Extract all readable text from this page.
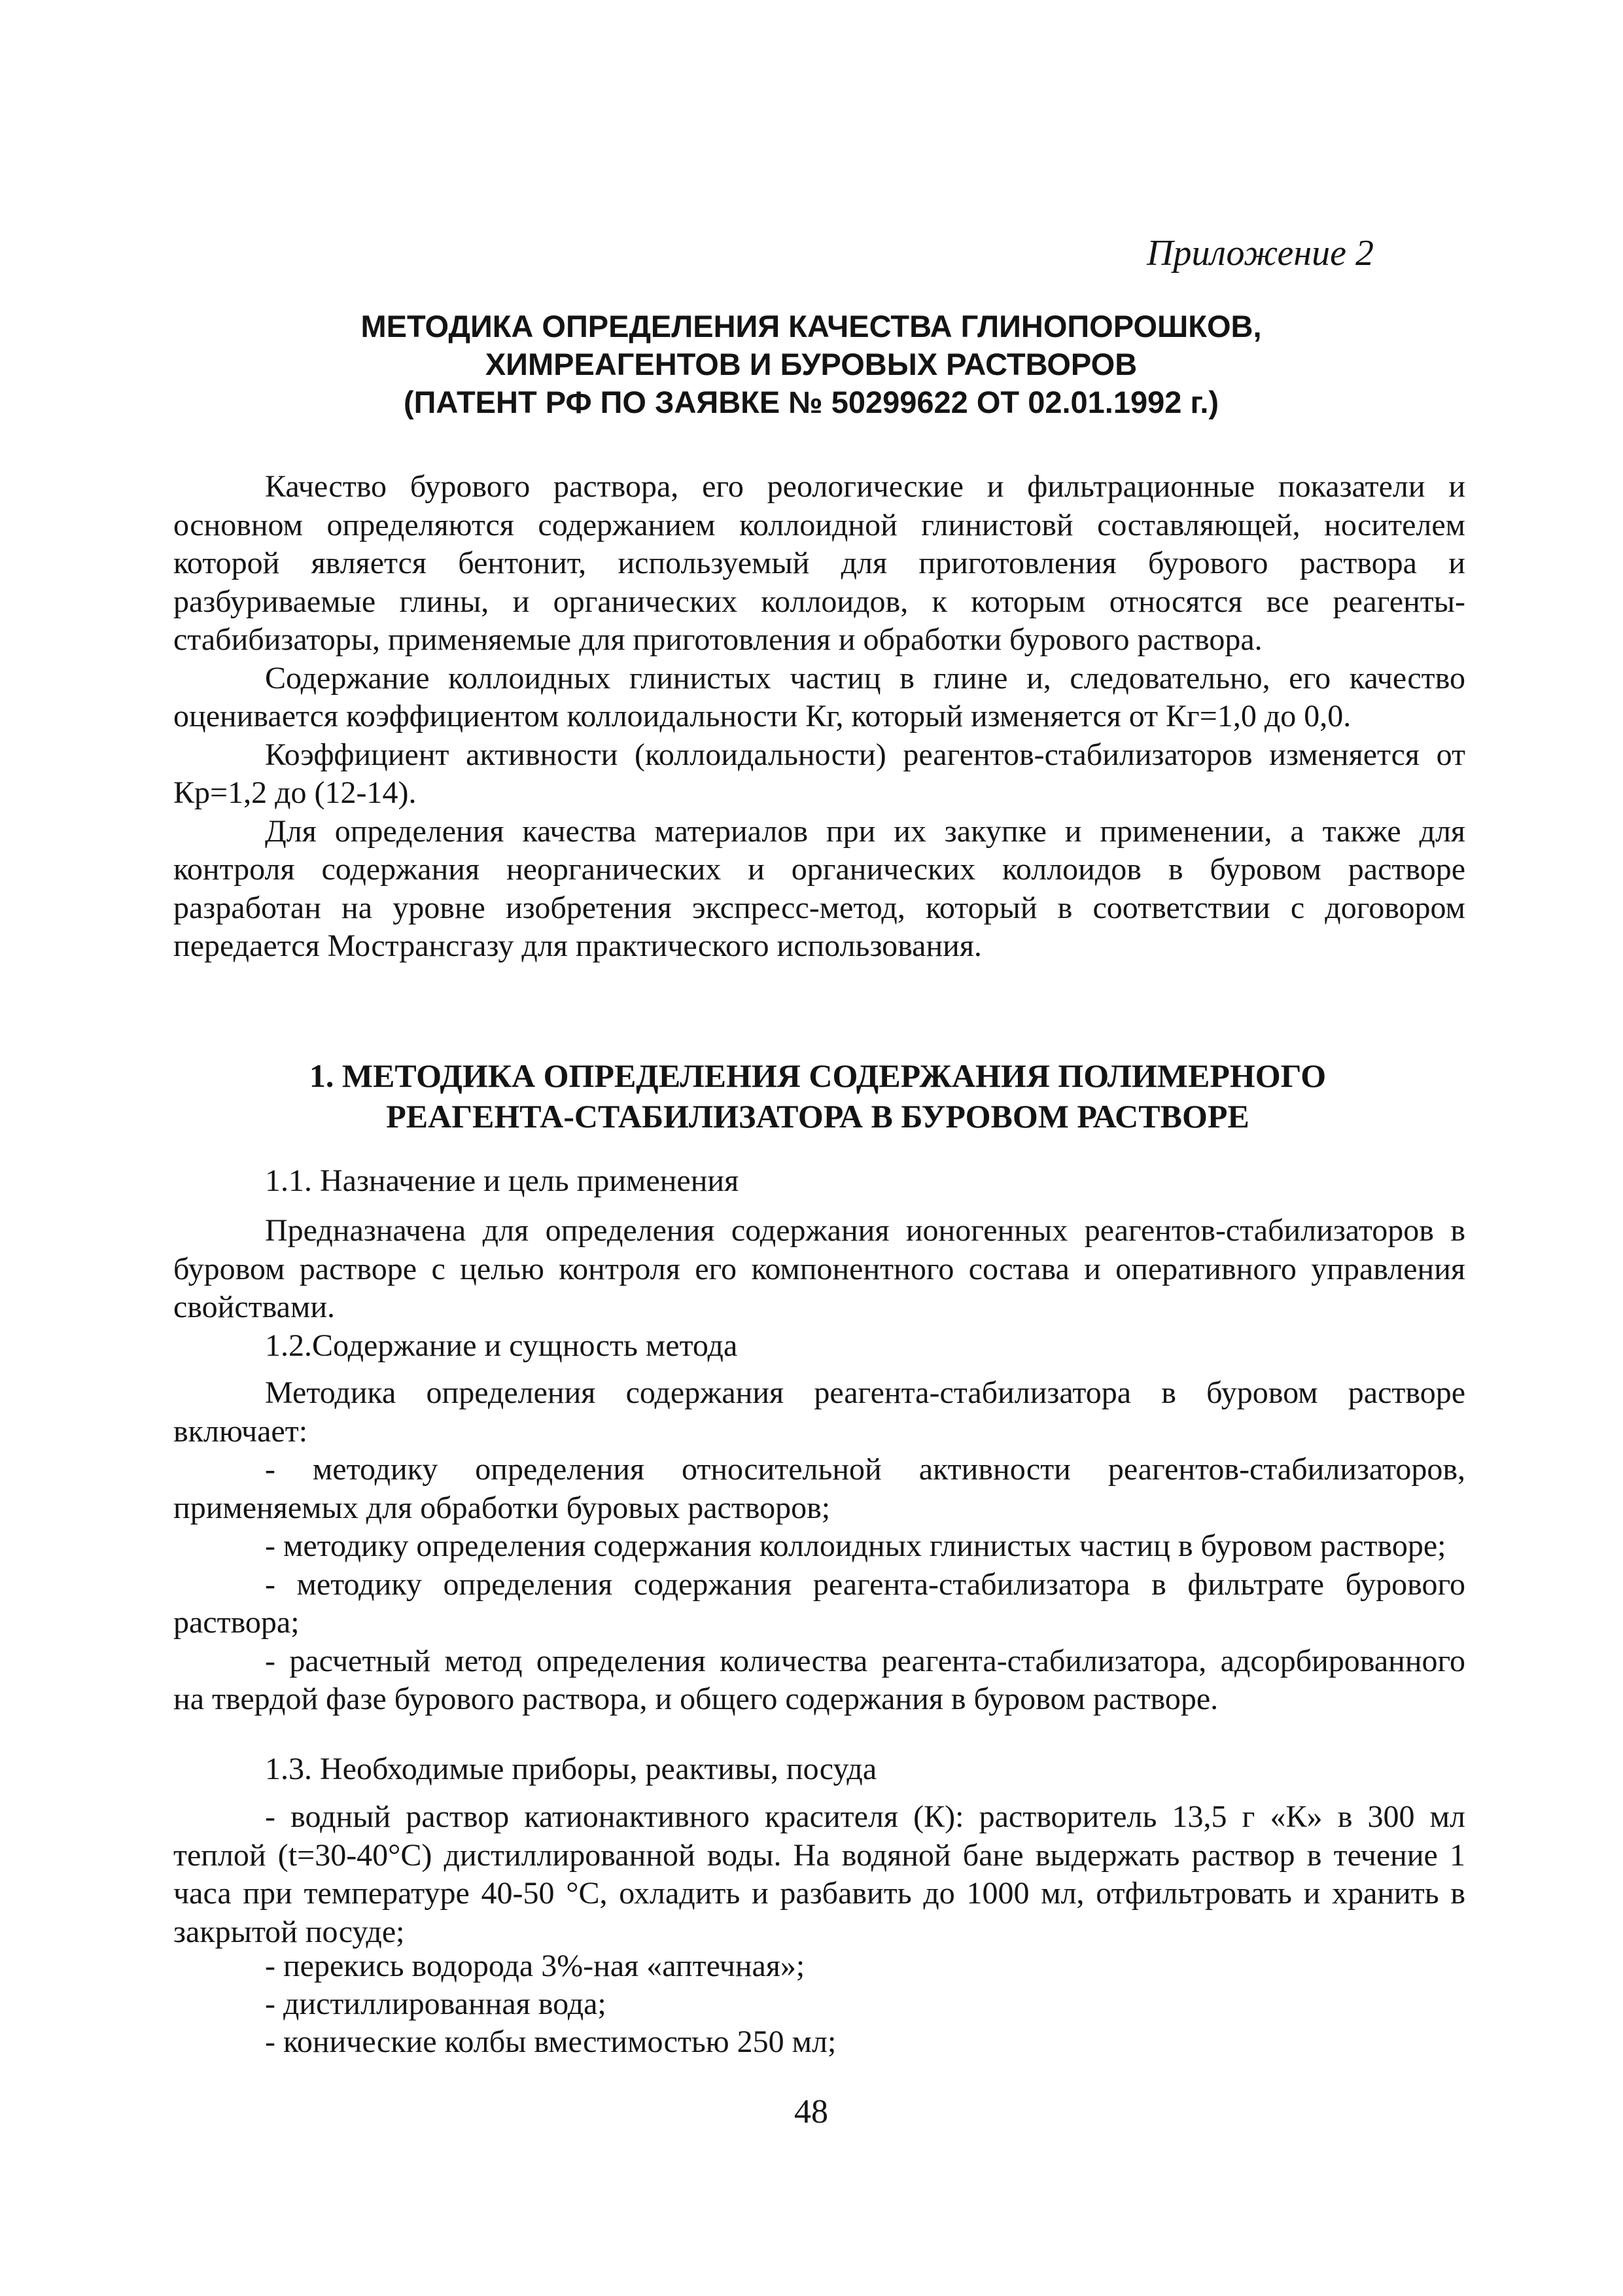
Приложение 2
МЕТОДИКА ОПРЕДЕЛЕНИЯ КАЧЕСТВА ГЛИНОПОРОШКОВ,
ХИМРЕАГЕНТОВ И БУРОВЫХ РАСТВОРОВ
(ПАТЕНТ РФ ПО ЗАЯВКЕ № 50299622 ОТ 02.01.1992 г.)

Качество бурового раствора, его реологические и фильтрационные показатели и основном определяются содержанием коллоидной глинистовй составляющей, носителем которой является бентонит, используемый для приготовления бурового раствора и разбуриваемые глины, и органических коллоидов, к которым относятся все реагенты-стабибизаторы, применяемые для приготовления и обработки бурового раствора.

Содержание коллоидных глинистых частиц в глине и, следовательно, его качество оценивается коэффициентом коллоидальности Кг, который изменяется от Кг=1,0 до 0,0.

Коэффициент активности (коллоидальности) реагентов-стабилизаторов изменяется от Кр=1,2 до (12-14).

Для определения качества материалов при их закупке и применении, а также для контроля содержания неорганических и органических коллоидов в буровом растворе разработан на уровне изобретения экспресс-метод, который в соответствии с договором передается Мострансгазу для практического использования.

1. МЕТОДИКА ОПРЕДЕЛЕНИЯ СОДЕРЖАНИЯ ПОЛИМЕРНОГО
РЕАГЕНТА-СТАБИЛИЗАТОРА В БУРОВОМ РАСТВОРЕ
1.1. Назначение и цель применения

Предназначена для определения содержания ионогенных реагентов-стабилизаторов в буровом растворе с целью контроля его компонентного состава и оперативного управления свойствами.

1.2.Содержание и сущность метода

Методика определения содержания реагента-стабилизатора в буровом растворе включает:

- методику определения относительной активности реагентов-стабилизаторов, применяемых для обработки буровых растворов;

- методику определения содержания коллоидных глинистых частиц в буровом растворе;

- методику определения содержания реагента-стабилизатора в фильтрате бурового раствора;

- расчетный метод определения количества реагента-стабилизатора, адсорбированного на твердой фазе бурового раствора, и общего содержания в буровом растворе.

1.3. Необходимые приборы, реактивы, посуда

- водный раствор катионактивного красителя (К): растворитель 13,5 г «К» в 300 мл теплой (t=30-40°С) дистиллированной воды. На водяной бане выдержать раствор в течение 1 часа при температуре 40-50 °С, охладить и разбавить до 1000 мл, отфильтровать и хранить в закрытой посуде;

- перекись водорода 3%-ная «аптечная»;
- дистиллированная вода;
- конические колбы вместимостью 250 мл;
48
